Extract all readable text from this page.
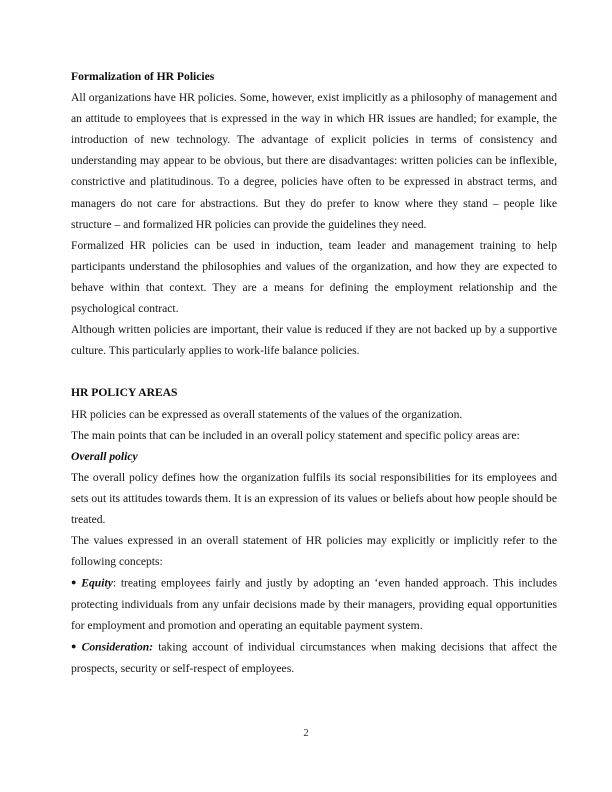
Formalization of HR Policies

All organizations have HR policies. Some, however, exist implicitly as a philosophy of management and an attitude to employees that is expressed in the way in which HR issues are handled; for example, the introduction of new technology. The advantage of explicit policies in terms of consistency and understanding may appear to be obvious, but there are disadvantages: written policies can be inflexible, constrictive and platitudinous. To a degree, policies have often to be expressed in abstract terms, and managers do not care for abstractions. But they do prefer to know where they stand – people like structure – and formalized HR policies can provide the guidelines they need.

Formalized HR policies can be used in induction, team leader and management training to help participants understand the philosophies and values of the organization, and how they are expected to behave within that context. They are a means for defining the employment relationship and the psychological contract.

Although written policies are important, their value is reduced if they are not backed up by a supportive culture. This particularly applies to work-life balance policies.

HR POLICY AREAS

HR policies can be expressed as overall statements of the values of the organization.

The main points that can be included in an overall policy statement and specific policy areas are:

Overall policy

The overall policy defines how the organization fulfils its social responsibilities for its employees and sets out its attitudes towards them. It is an expression of its values or beliefs about how people should be treated.

The values expressed in an overall statement of HR policies may explicitly or implicitly refer to the following concepts:

● Equity: treating employees fairly and justly by adopting an ‘even handed approach. This includes protecting individuals from any unfair decisions made by their managers, providing equal opportunities for employment and promotion and operating an equitable payment system.

● Consideration: taking account of individual circumstances when making decisions that affect the prospects, security or self-respect of employees.

2
